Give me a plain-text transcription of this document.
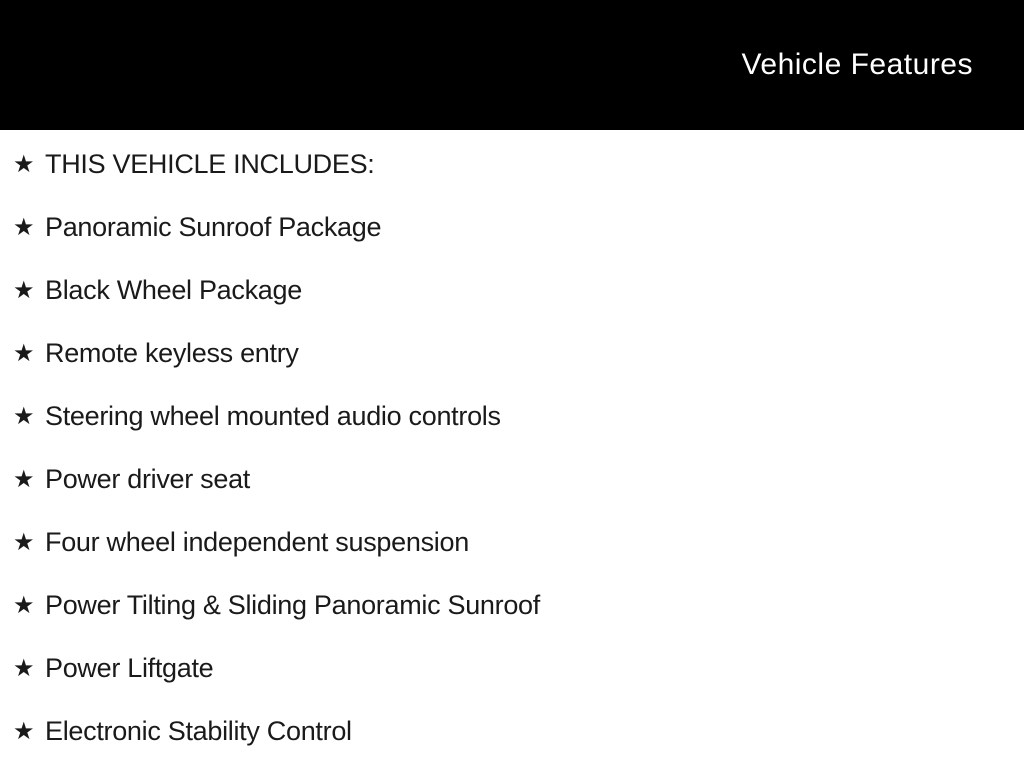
Vehicle Features
★ THIS VEHICLE INCLUDES:
★ Panoramic Sunroof Package
★ Black Wheel Package
★ Remote keyless entry
★ Steering wheel mounted audio controls
★ Power driver seat
★ Four wheel independent suspension
★ Power Tilting & Sliding Panoramic Sunroof
★ Power Liftgate
★ Electronic Stability Control
